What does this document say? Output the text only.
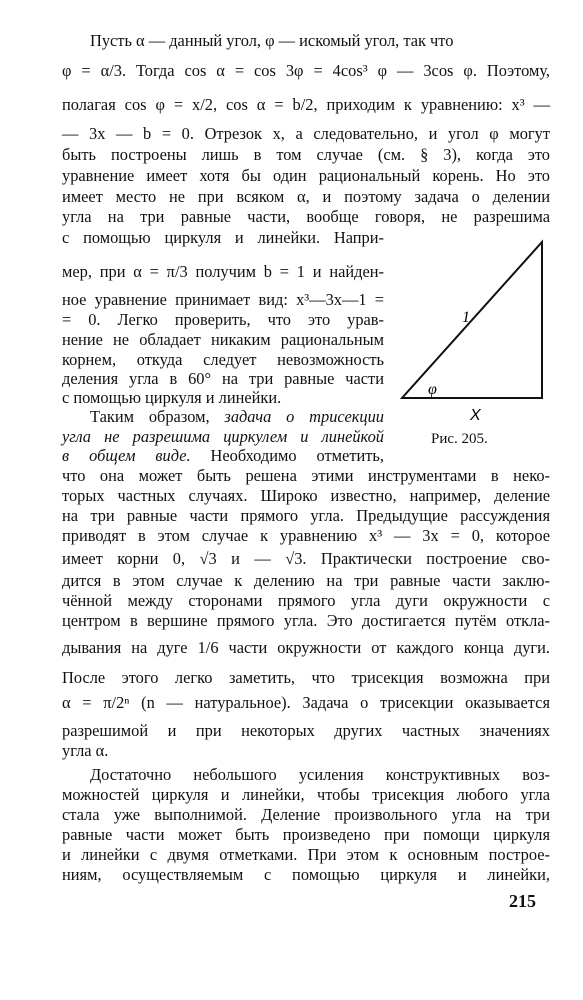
Пусть α — данный угол, φ — искомый угол, так что
φ = α/3. Тогда cos α = cos 3φ = 4cos³ φ — 3cos φ. Поэтому,
полагая cos φ = x/2, cos α = b/2, приходим к уравнению: x³ —
— 3x — b = 0. Отрезок x, а следовательно, и угол φ могут
быть построены лишь в том случае (см. § 3), когда это
уравнение имеет хотя бы один рациональный корень. Но это
имеет место не при всяком α, и поэтому задача о делении
угла на три равные части, вообще говоря, не разрешима
с помощью циркуля и линейки. Напри-
мер, при α = π/3 получим b = 1 и найден-
ное уравнение принимает вид: x³—3x—1 =
= 0. Легко проверить, что это урав-
нение не обладает никаким рациональным
корнем, откуда следует невозможность
деления угла в 60° на три равные части
с помощью циркуля и линейки.
Таким образом, задача о трисекции
угла не разрешима циркулем и линейкой
в общем виде. Необходимо отметить,
что она может быть решена этими инструментами в неко-
торых частных случаях. Широко известно, например, деление
на три равные части прямого угла. Предыдущие рассуждения
приводят в этом случае к уравнению x³ — 3x = 0, которое
имеет корни 0, √3 и — √3. Практически построение сво-
дится в этом случае к делению на три равные части заклю-
чённой между сторонами прямого угла дуги окружности с
центром в вершине прямого угла. Это достигается путём откла-
дывания на дуге 1/6 части окружности от каждого конца дуги.
После этого легко заметить, что трисекция возможна при
α = π/2ⁿ (n — натуральное). Задача о трисекции оказывается
разрешимой и при некоторых других частных значениях
угла α.
Достаточно небольшого усиления конструктивных воз-
можностей циркуля и линейки, чтобы трисекция любого угла
стала уже выполнимой. Деление произвольного угла на три
равные части может быть произведено при помощи циркуля
и линейки с двумя отметками. При этом к основным построе-
ниям, осуществляемым с помощью циркуля и линейки,
1
φ
X
Рис. 205.
215
